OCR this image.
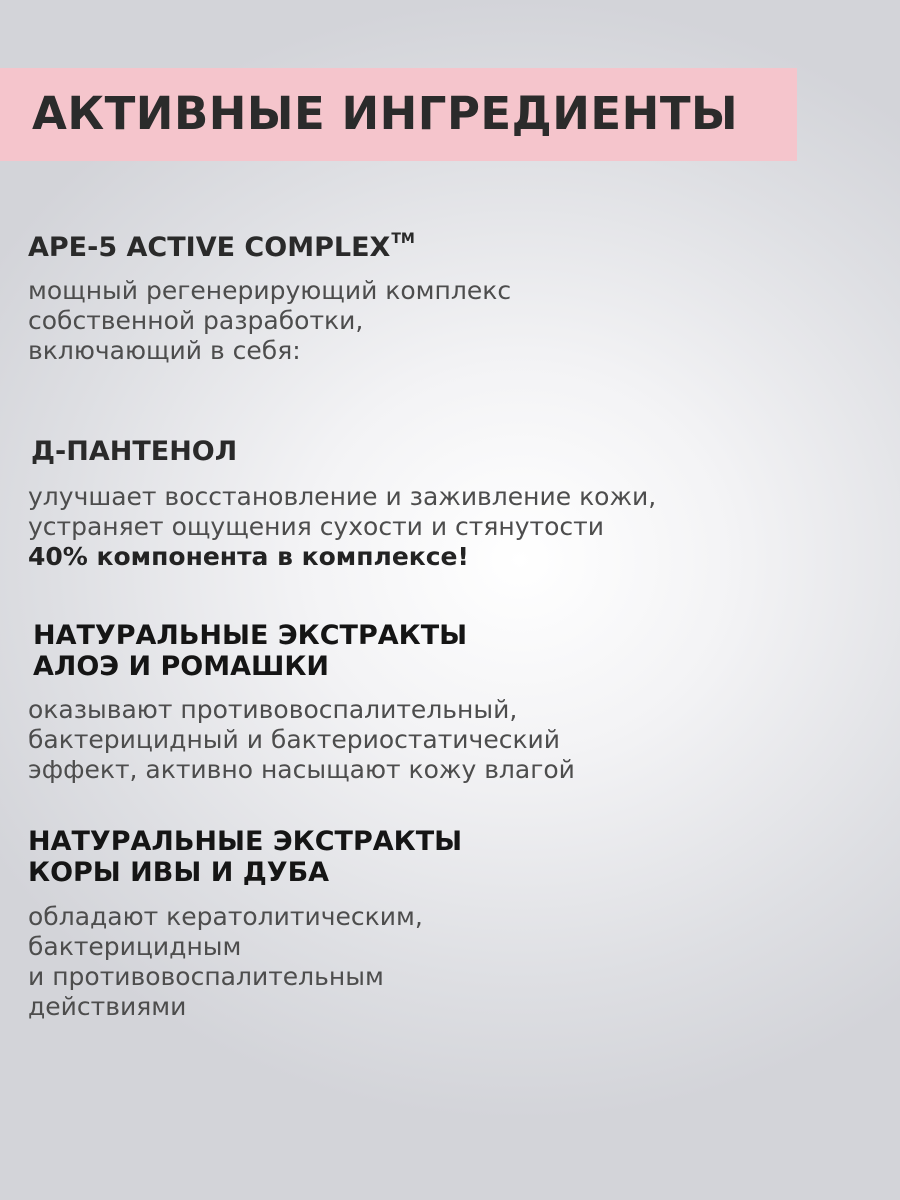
АКТИВНЫЕ ИНГРЕДИЕНТЫ
APE-5 ACTIVE COMPLEX™

мощный регенерирующий комплекс
собственной разработки,
включающий в себя:

Д-ПАНТЕНОЛ

улучшает восстановление и заживление кожи,
устраняет ощущения сухости и стянутости
40% компонента в комплексе!

НАТУРАЛЬНЫЕ ЭКСТРАКТЫ
АЛОЭ И РОМАШКИ

оказывают противовоспалительный,
бактерицидный и бактериостатический
эффект, активно насыщают кожу влагой

НАТУРАЛЬНЫЕ ЭКСТРАКТЫ
КОРЫ ИВЫ И ДУБА

обладают кератолитическим,
бактерицидным
и противовоспалительным
действиями
